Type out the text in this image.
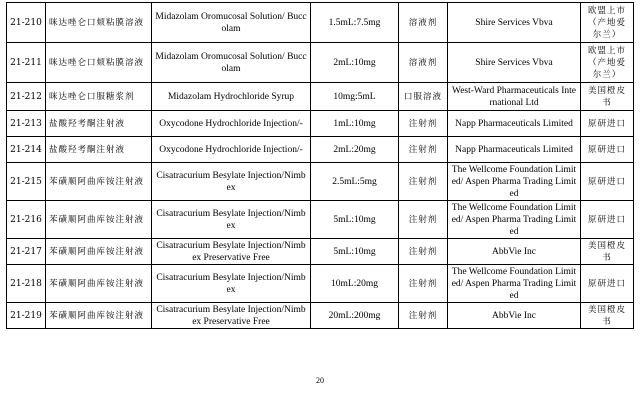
21-210	咪达唑仑口颊粘膜溶液	Midazolam Oromucosal Solution/ Buccolam	1.5mL:7.5mg	溶液剂	Shire Services Vbva	欧盟上市（产地爱尔兰）
21-211	咪达唑仑口颊粘膜溶液	Midazolam Oromucosal Solution/ Buccolam	2mL:10mg	溶液剂	Shire Services Vbva	欧盟上市（产地爱尔兰）
21-212	咪达唑仑口服糖浆剂	Midazolam Hydrochloride Syrup	10mg:5mL	口服溶液	West-Ward Pharmaceuticals International Ltd	美国橙皮书
21-213	盐酸羟考酮注射液	Oxycodone Hydrochloride Injection/-	1mL:10mg	注射剂	Napp Pharmaceuticals Limited	原研进口
21-214	盐酸羟考酮注射液	Oxycodone Hydrochloride Injection/-	2mL:20mg	注射剂	Napp Pharmaceuticals Limited	原研进口
21-215	苯磺顺阿曲库铵注射液	Cisatracurium Besylate Injection/Nimbex	2.5mL:5mg	注射剂	The Wellcome Foundation Limited/ Aspen Pharma Trading Limited	原研进口
21-216	苯磺顺阿曲库铵注射液	Cisatracurium Besylate Injection/Nimbex	5mL:10mg	注射剂	The Wellcome Foundation Limited/ Aspen Pharma Trading Limited	原研进口
21-217	苯磺顺阿曲库铵注射液	Cisatracurium Besylate Injection/Nimbex Preservative Free	5mL:10mg	注射剂	AbbVie Inc	美国橙皮书
21-218	苯磺顺阿曲库铵注射液	Cisatracurium Besylate Injection/Nimbex	10mL:20mg	注射剂	The Wellcome Foundation Limited/ Aspen Pharma Trading Limited	原研进口
21-219	苯磺顺阿曲库铵注射液	Cisatracurium Besylate Injection/Nimbex Preservative Free	20mL:200mg	注射剂	AbbVie Inc	美国橙皮书
20
